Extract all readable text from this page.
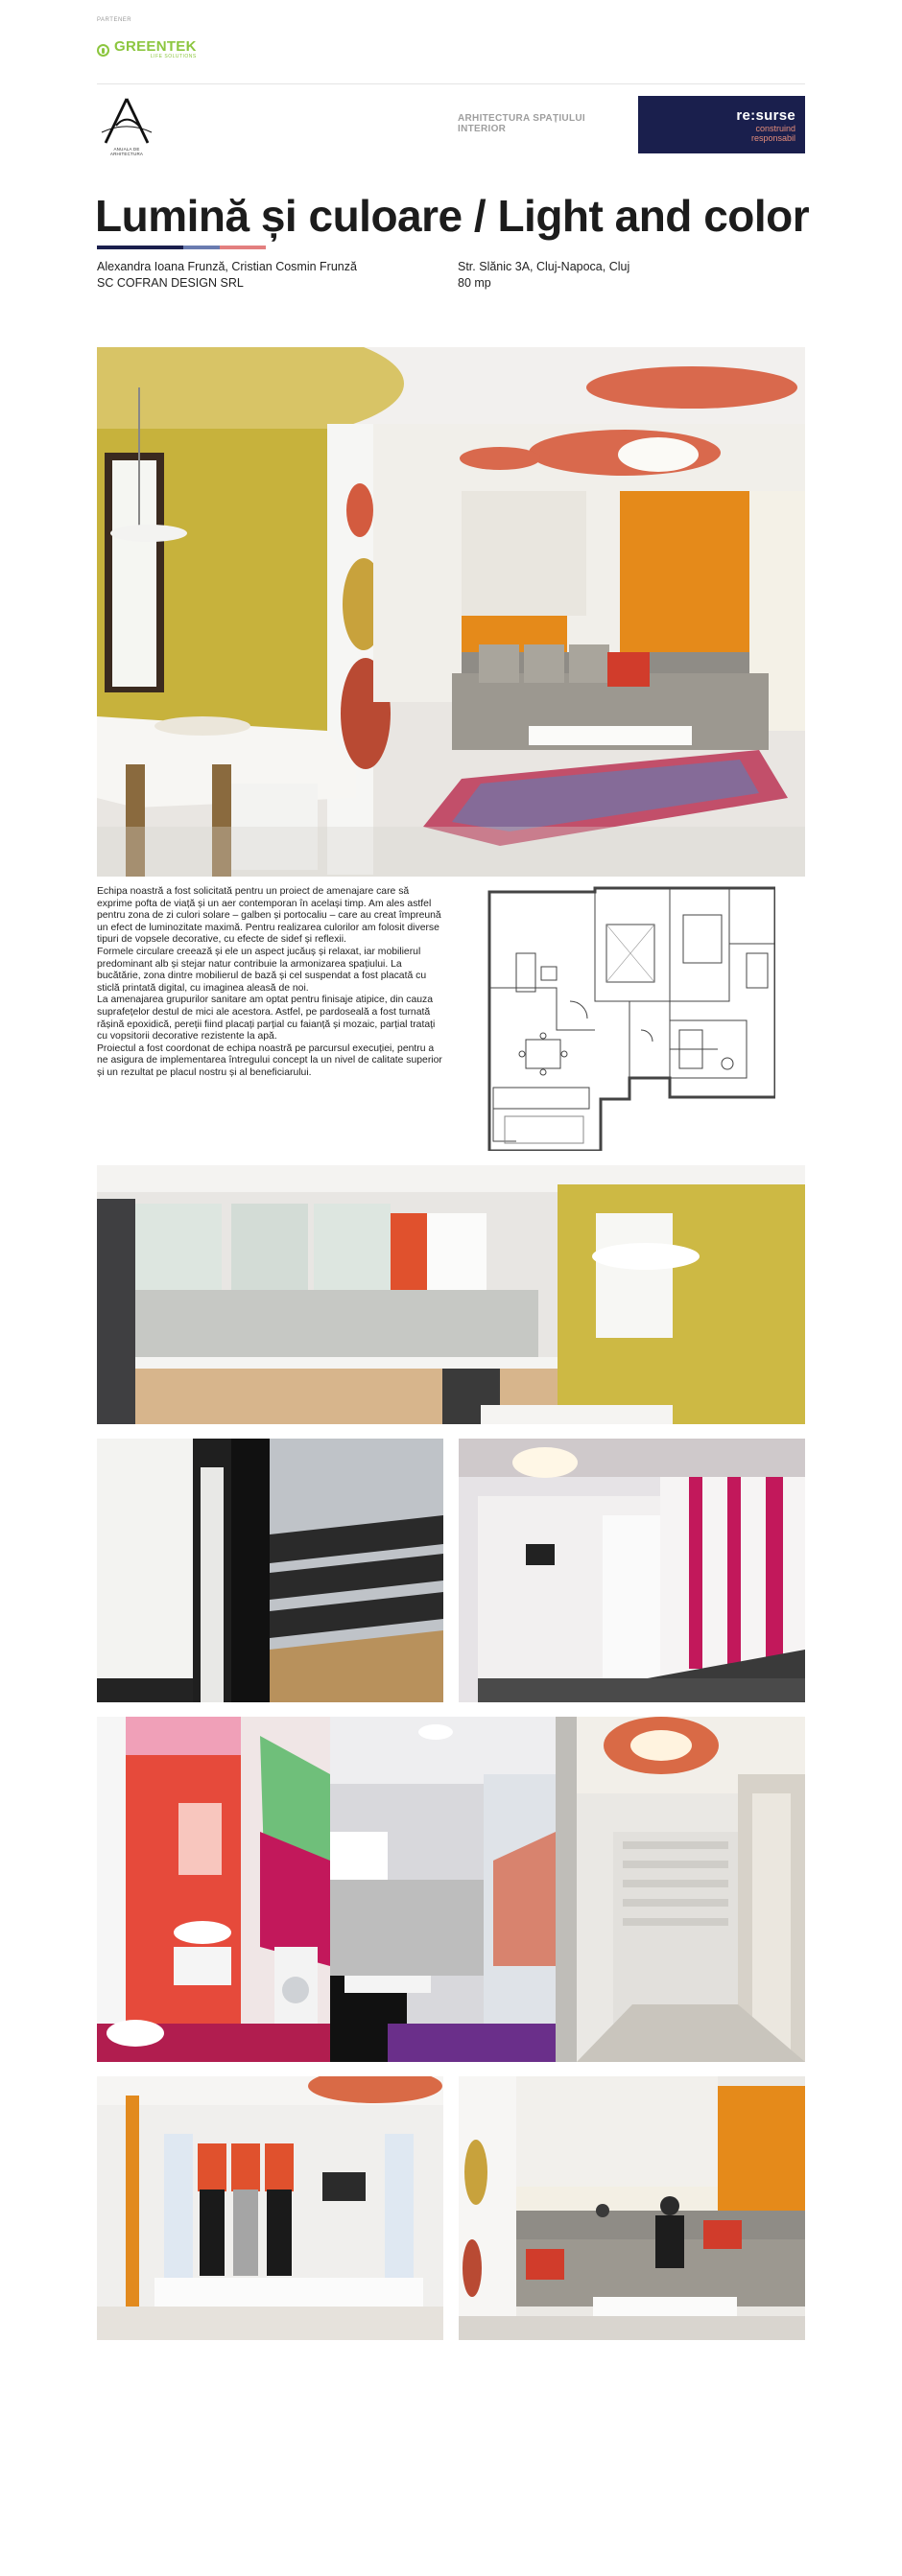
PARTENER
GREENTEK
LIFE SOLUTIONS
ANUALA DE ARHITECTURA
ARHITECTURA SPAȚIULUI
INTERIOR
re:surse
construind
responsabil
Lumină și culoare / Light and color
Alexandra Ioana Frunză, Cristian Cosmin Frunză
SC COFRAN DESIGN SRL
Str. Slănic 3A, Cluj-Napoca, Cluj
80 mp

Echipa noastră a fost solicitată pentru un proiect de amenajare care să exprime pofta de viață și un aer contemporan în același timp. Am ales astfel pentru zona de zi culori solare – galben și portocaliu – care au creat împreună un efect de luminozitate maximă. Pentru realizarea culorilor am folosit diverse tipuri de vopsele decorative, cu efecte de sidef și reflexii.

Formele circulare creează și ele un aspect jucăuș și relaxat, iar mobilierul predominant alb și stejar natur contribuie la armonizarea spațiului. La bucătărie, zona dintre mobilierul de bază și cel suspendat a fost placată cu sticlă printată digital, cu imaginea aleasă de noi.

La amenajarea grupurilor sanitare am optat pentru finisaje atipice, din cauza suprafețelor destul de mici ale acestora. Astfel, pe pardoseală a fost turnată rășină epoxidică, pereții fiind placați parțial cu faianță și mozaic, parțial tratați cu vopsitorii decorative rezistente la apă.

Proiectul a fost coordonat de echipa noastră pe parcursul execuției, pentru a ne asigura de implementarea întregului concept la un nivel de calitate superior și un rezultat pe placul nostru și al beneficiarului.
